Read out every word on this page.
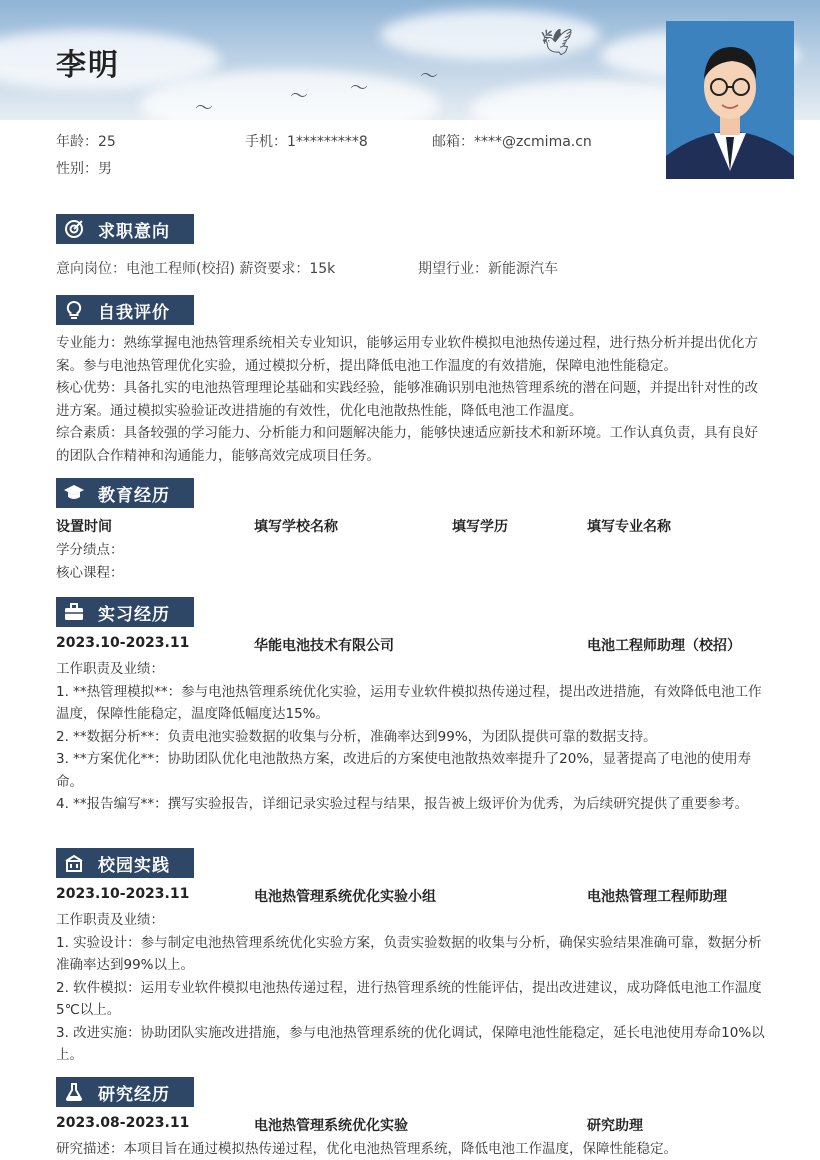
🕊
〜
〜
〜
〜
李明
年龄：25	手机：1*********8	邮箱：****@zcmima.cn
性别：男
求职意向
意向岗位：电池工程师(校招) 薪资要求：15k	期望行业：新能源汽车
自我评价
专业能力：熟练掌握电池热管理系统相关专业知识，能够运用专业软件模拟电池热传递过程，进行热分析并提出优化方案。参与电池热管理优化实验，通过模拟分析，提出降低电池工作温度的有效措施，保障电池性能稳定。
核心优势：具备扎实的电池热管理理论基础和实践经验，能够准确识别电池热管理系统的潜在问题，并提出针对性的改进方案。通过模拟实验验证改进措施的有效性，优化电池散热性能，降低电池工作温度。
综合素质：具备较强的学习能力、分析能力和问题解决能力，能够快速适应新技术和新环境。工作认真负责，具有良好的团队合作精神和沟通能力，能够高效完成项目任务。
教育经历
设置时间	填写学校名称	填写学历	填写专业名称
学分绩点：
核心课程：
实习经历
2023.10-2023.11	华能电池技术有限公司	电池工程师助理（校招）
工作职责及业绩：
1. **热管理模拟**：参与电池热管理系统优化实验，运用专业软件模拟热传递过程，提出改进措施，有效降低电池工作温度，保障性能稳定，温度降低幅度达15%。
2. **数据分析**：负责电池实验数据的收集与分析，准确率达到99%，为团队提供可靠的数据支持。
3. **方案优化**：协助团队优化电池散热方案，改进后的方案使电池散热效率提升了20%，显著提高了电池的使用寿命。
4. **报告编写**：撰写实验报告，详细记录实验过程与结果，报告被上级评价为优秀，为后续研究提供了重要参考。
校园实践
2023.10-2023.11	电池热管理系统优化实验小组	电池热管理工程师助理
工作职责及业绩：
1. 实验设计：参与制定电池热管理系统优化实验方案，负责实验数据的收集与分析，确保实验结果准确可靠，数据分析准确率达到99%以上。
2. 软件模拟：运用专业软件模拟电池热传递过程，进行热管理系统的性能评估，提出改进建议，成功降低电池工作温度5℃以上。
3. 改进实施：协助团队实施改进措施，参与电池热管理系统的优化调试，保障电池性能稳定，延长电池使用寿命10%以上。
研究经历
2023.08-2023.11	电池热管理系统优化实验	研究助理
研究描述：本项目旨在通过模拟热传递过程，优化电池热管理系统，降低电池工作温度，保障性能稳定。
